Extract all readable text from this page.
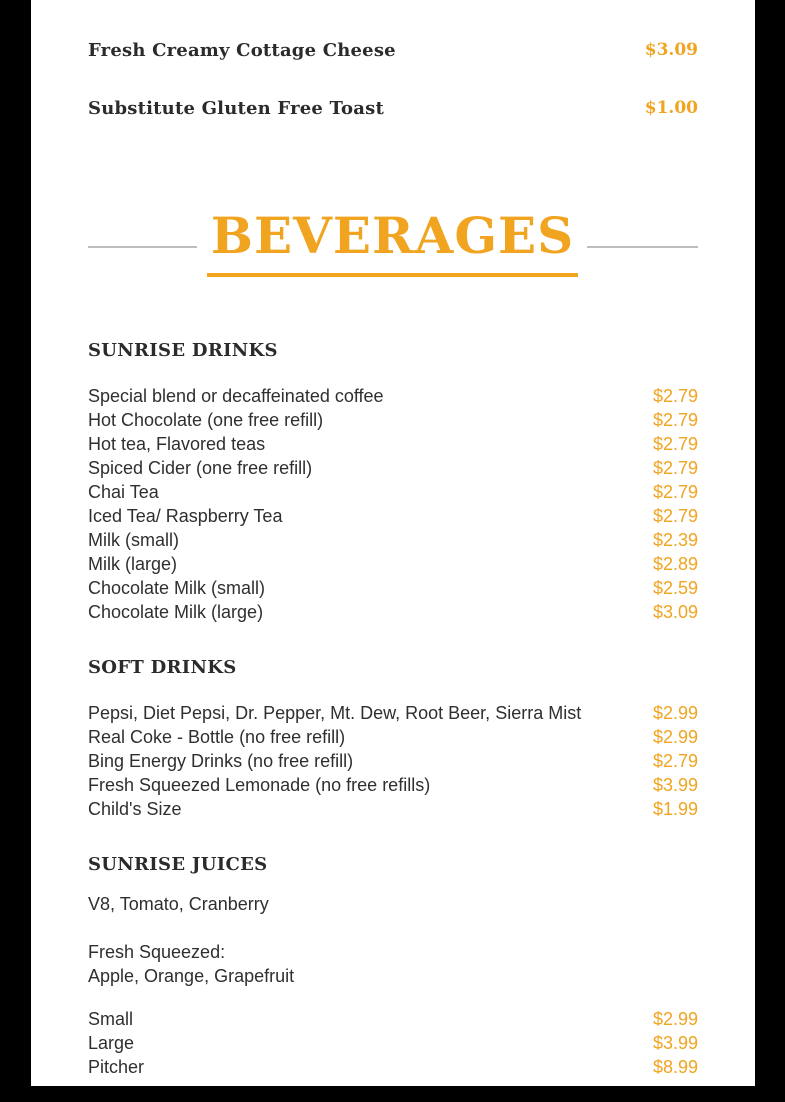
Fresh Creamy Cottage Cheese	$3.09
Substitute Gluten Free Toast	$1.00
BEVERAGES
SUNRISE DRINKS
Special blend or decaffeinated coffee	$2.79
Hot Chocolate (one free refill)	$2.79
Hot tea, Flavored teas	$2.79
Spiced Cider (one free refill)	$2.79
Chai Tea	$2.79
Iced Tea/ Raspberry Tea	$2.79
Milk (small)	$2.39
Milk (large)	$2.89
Chocolate Milk (small)	$2.59
Chocolate Milk (large)	$3.09
SOFT DRINKS
Pepsi, Diet Pepsi, Dr. Pepper, Mt. Dew, Root Beer, Sierra Mist	$2.99
Real Coke - Bottle (no free refill)	$2.99
Bing Energy Drinks (no free refill)	$2.79
Fresh Squeezed Lemonade (no free refills)	$3.99
Child's Size	$1.99
SUNRISE JUICES
V8, Tomato, Cranberry
Fresh Squeezed:
Apple, Orange, Grapefruit
Small	$2.99
Large	$3.99
Pitcher	$8.99
